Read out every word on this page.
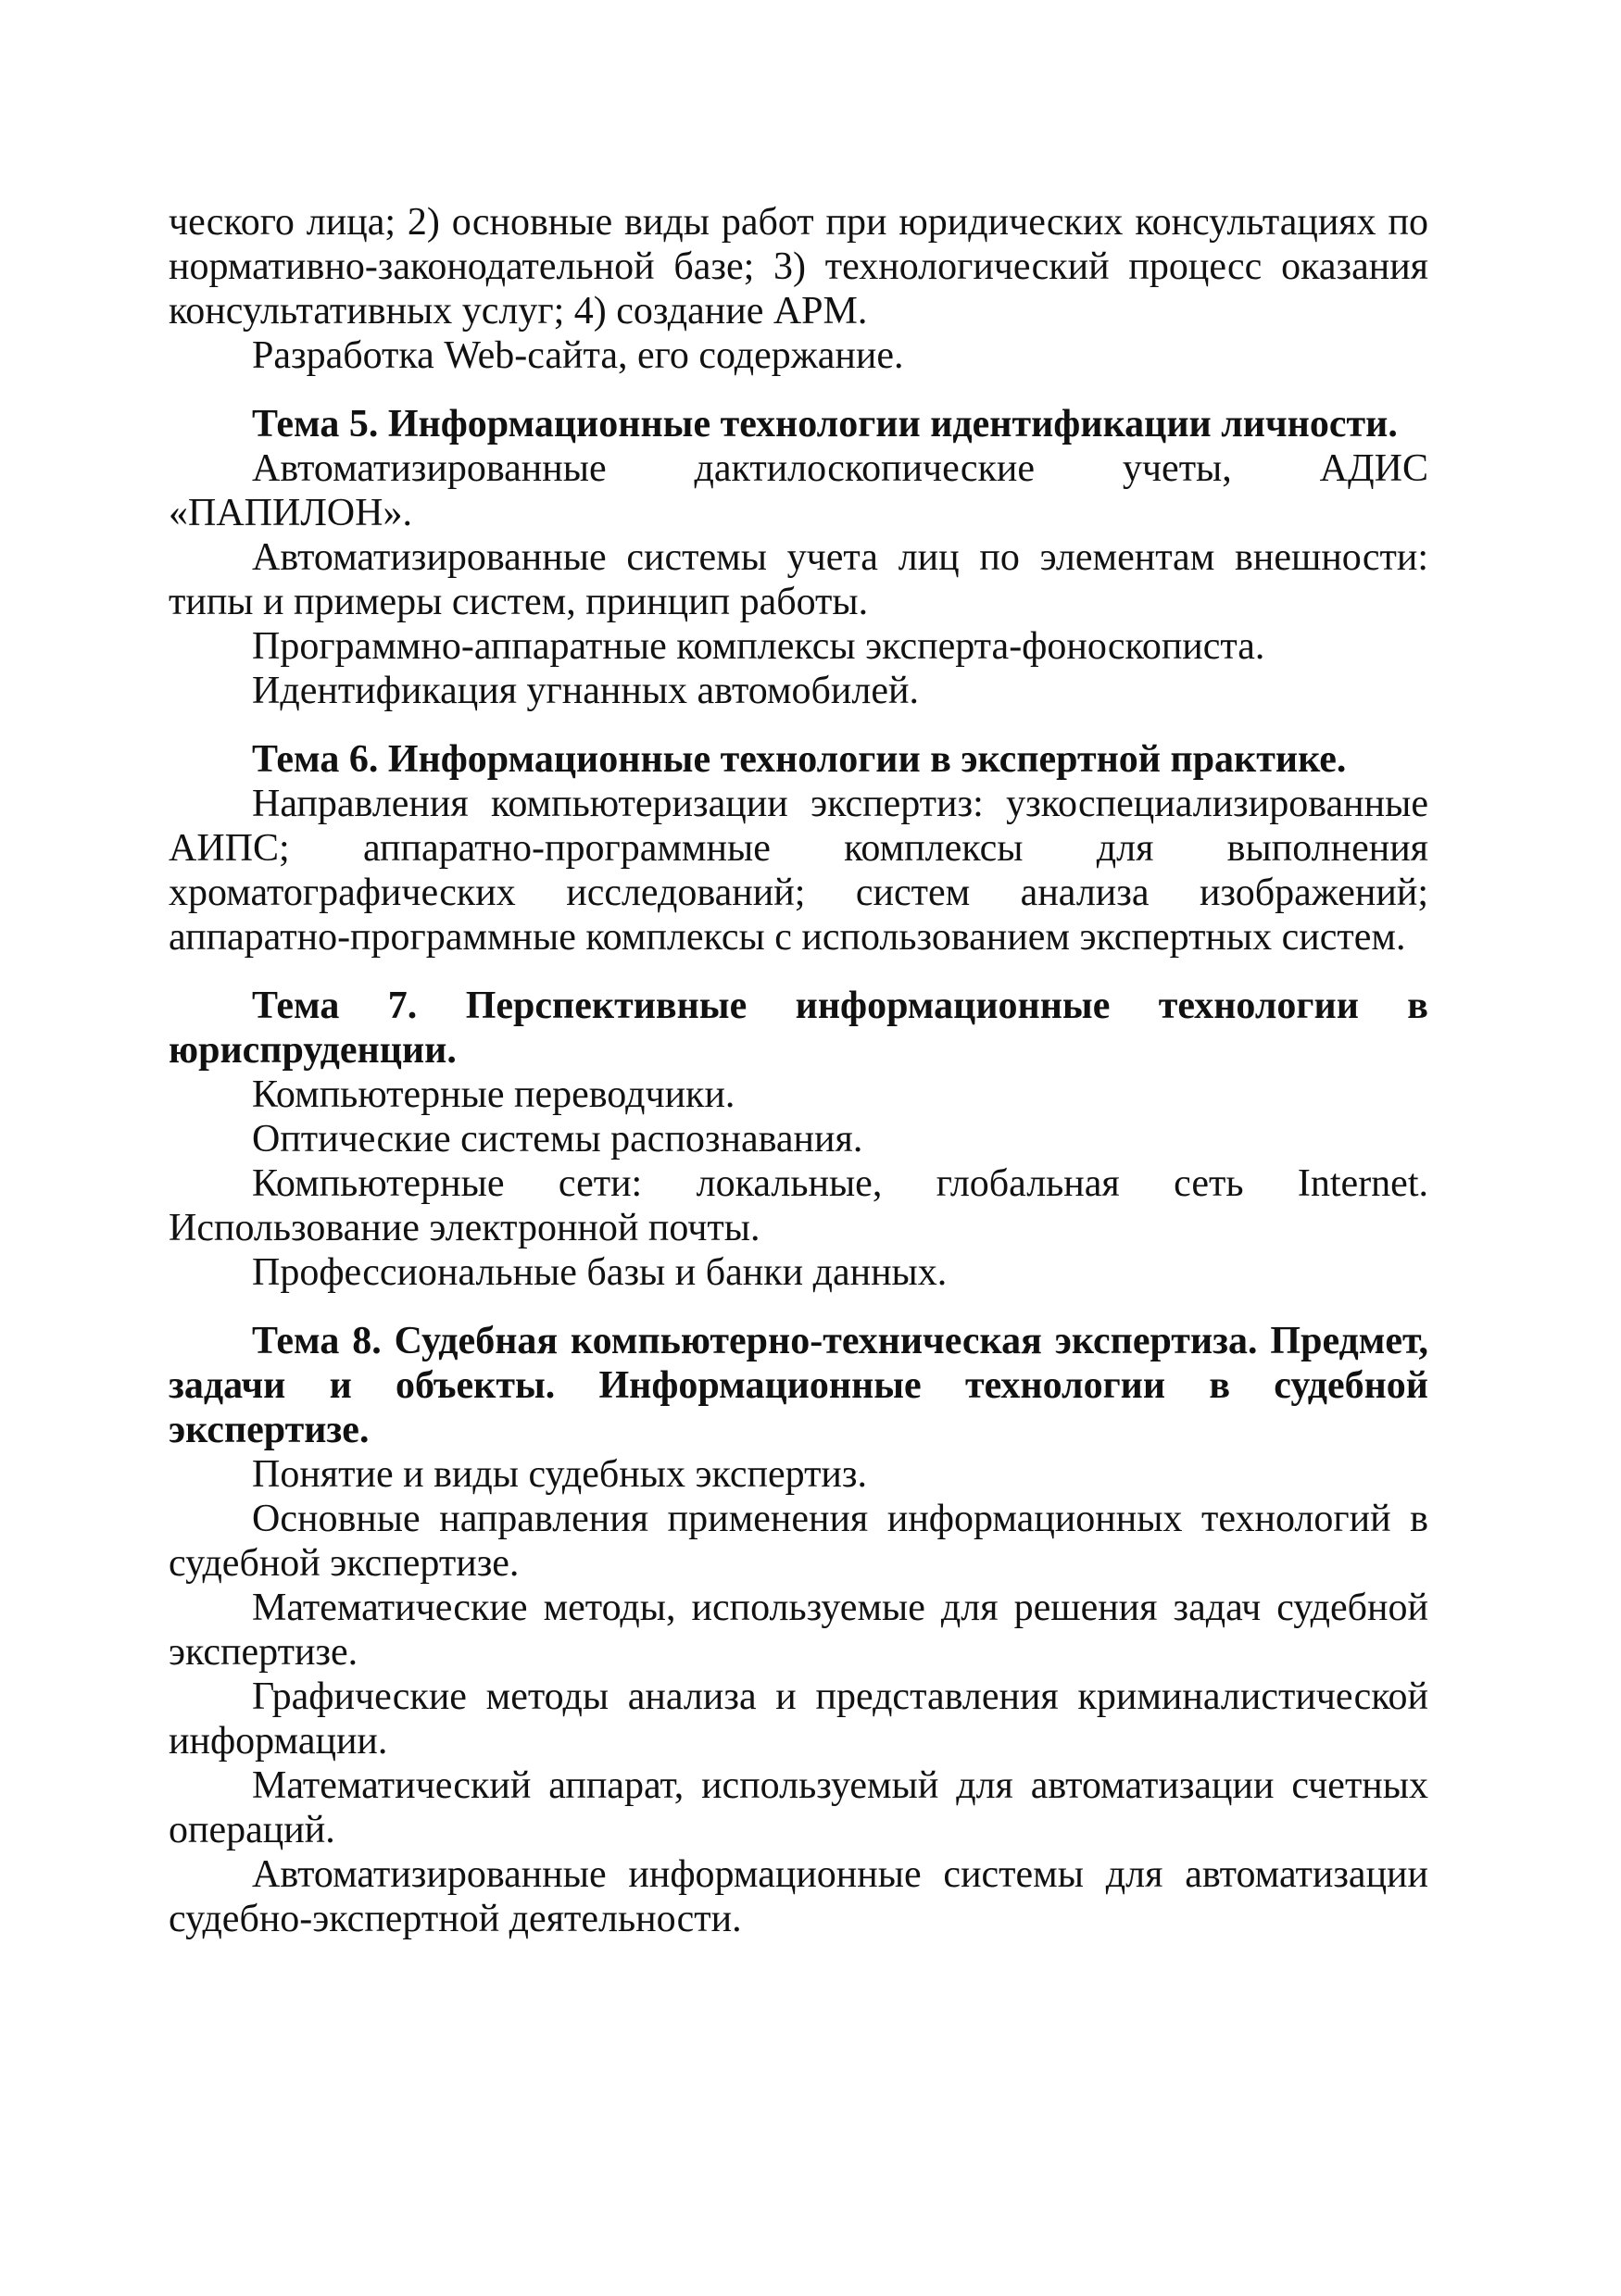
ческого лица; 2) основные виды работ при юридических консультациях по
нормативно-законодательной базе; 3) технологический процесс оказания
консультативных услуг; 4) создание АРМ.

Разработка Web-сайта, его содержание.

Тема 5. Информационные технологии идентификации личности.

Автоматизированные дактилоскопические учеты, АДИС «ПАПИЛОН».

Автоматизированные системы учета лиц по элементам внешности: типы и примеры систем, принцип работы.

Программно-аппаратные комплексы эксперта-фоноскописта.

Идентификация угнанных автомобилей.

Тема 6. Информационные технологии в экспертной практике.

Направления компьютеризации экспертиз: узкоспециализированные АИПС; аппаратно-программные комплексы для выполнения хроматографических исследований; систем анализа изображений; аппаратно-программные комплексы с использованием экспертных систем.

Тема 7. Перспективные информационные технологии в юриспруденции.

Компьютерные переводчики.

Оптические системы распознавания.

Компьютерные сети: локальные, глобальная сеть Internet. Использование электронной почты.

Профессиональные базы и банки данных.

Тема 8. Судебная компьютерно-техническая экспертиза. Предмет, задачи и объекты. Информационные технологии в судебной экспертизе.

Понятие и виды судебных экспертиз.

Основные направления применения информационных технологий в судебной экспертизе.

Математические методы, используемые для решения задач судебной экспертизе.

Графические методы анализа и представления криминалистической информации.

Математический аппарат, используемый для автоматизации счетных операций.

Автоматизированные информационные системы для автоматизации судебно-экспертной деятельности.
